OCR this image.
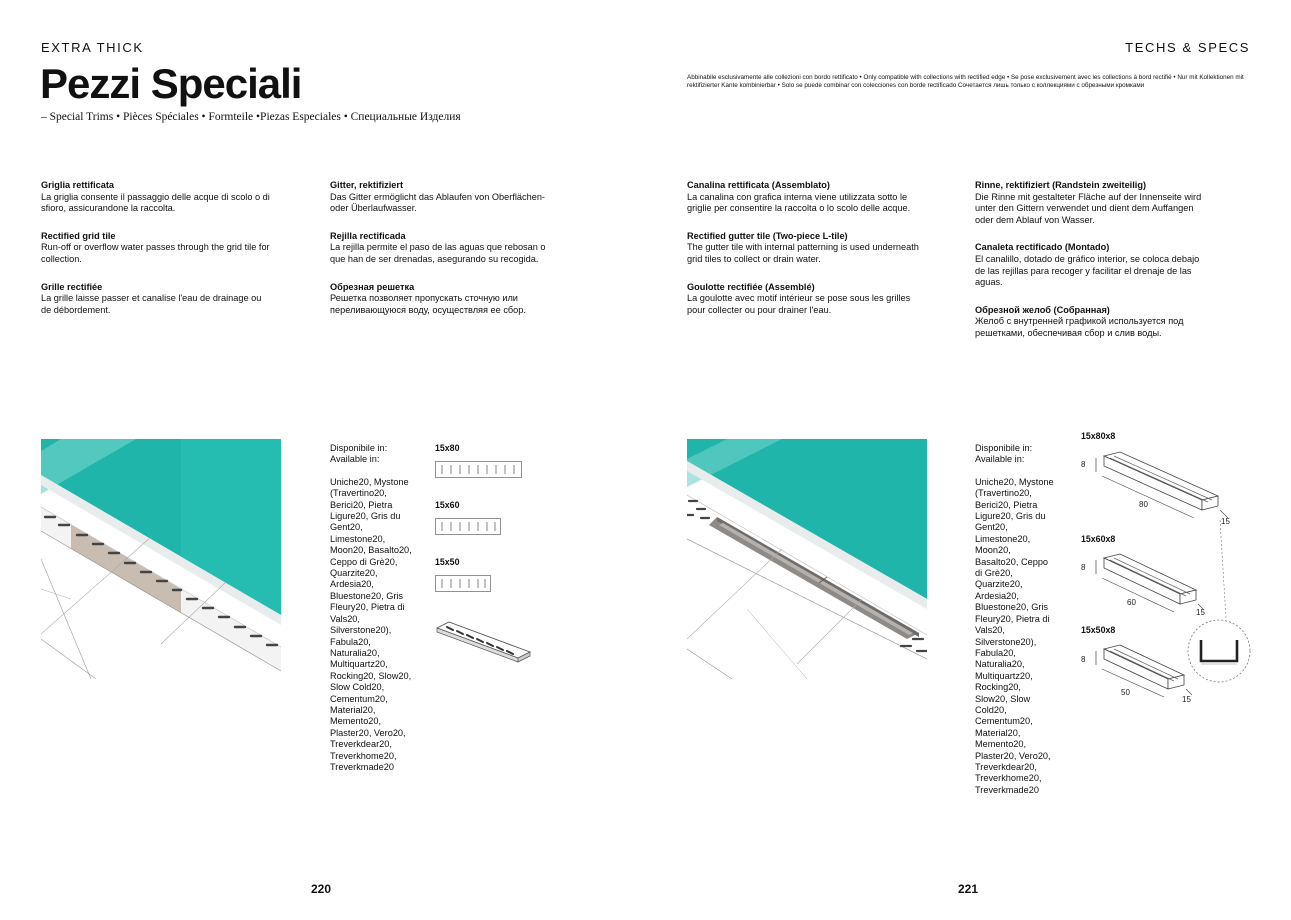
EXTRA THICK
Pezzi Speciali
– Special Trims • Pièces Spéciales • Formteile •Piezas Especiales • Специальные Изделия
TECHS & SPECS
Abbinabile esclusivamente alle collezioni con bordo rettificato • Only compatible with collections with rectified edge • Se pose exclusivement avec les collections à bord rectifié • Nur mit Kollektionen mit rektifizierter Kante kombinierbar • Solo se puede combinar con colecciones con borde rectificado Сочетается лишь только с коллекциями с обрезными кромками
Griglia rettificata
La griglia consente il passaggio delle acque di scolo o di sfioro, assicurandone la raccolta.
Rectified grid tile
Run-off or overflow water passes through the grid tile for collection.
Grille rectifiée
La grille laisse passer et canalise l'eau de drainage ou de débordement.
Gitter, rektifiziert
Das Gitter ermöglicht das Ablaufen von Oberflächen- oder Überlaufwasser.
Rejilla rectificada
La rejilla permite el paso de las aguas que rebosan o que han de ser drenadas, asegurando su recogida.
Обрезная решетка
Решетка позволяет пропускать сточную или переливающуюся воду, осуществляя ее сбор.
Canalina rettificata (Assemblato)
La canalina con grafica interna viene utilizzata sotto le griglie per consentire la raccolta o lo scolo delle acque.
Rectified gutter tile (Two-piece L-tile)
The gutter tile with internal patterning is used underneath grid tiles to collect or drain water.
Goulotte rectifiée (Assemblé)
La goulotte avec motif intérieur se pose sous les grilles pour collecter ou pour drainer l'eau.
Rinne, rektifiziert (Randstein zweiteilig)
Die Rinne mit gestalteter Fläche auf der Innenseite wird unter den Gittern verwendet und dient dem Auffangen oder dem Ablauf von Wasser.
Canaleta rectificado (Montado)
El canalillo, dotado de gráfico interior, se coloca debajo de las rejillas para recoger y facilitar el drenaje de las aguas.
Обрезной желоб (Собранная)
Желоб с внутренней графикой используется под решетками, обеспечивая сбор и слив воды.
Disponibile in:
Available in:
Uniche20, Mystone (Travertino20, Berici20, Pietra Ligure20, Gris du Gent20, Limestone20, Moon20, Basalto20, Ceppo di Grè20, Quarzite20, Ardesia20, Bluestone20, Gris Fleury20, Pietra di Vals20, Silverstone20), Fabula20, Naturalia20, Multiquartz20, Rocking20, Slow20, Slow Cold20, Cementum20, Material20, Memento20, Plaster20, Vero20, Treverkdear20, Treverkhome20, Treverkmade20
15x80
15x60
15x50
Disponibile in:
Available in:
Uniche20, Mystone (Travertino20, Berici20, Pietra Ligure20, Gris du Gent20, Limestone20, Moon20, Basalto20, Ceppo di Grè20, Quarzite20, Ardesia20, Bluestone20, Gris Fleury20, Pietra di Vals20, Silverstone20), Fabula20, Naturalia20, Multiquartz20, Rocking20, Slow20, Slow Cold20, Cementum20, Material20, Memento20, Plaster20, Vero20, Treverkdear20, Treverkhome20, Treverkmade20
15x80x8
8
80
15
15x60x8
8
60
15
15x50x8
8
50
15
220	221
